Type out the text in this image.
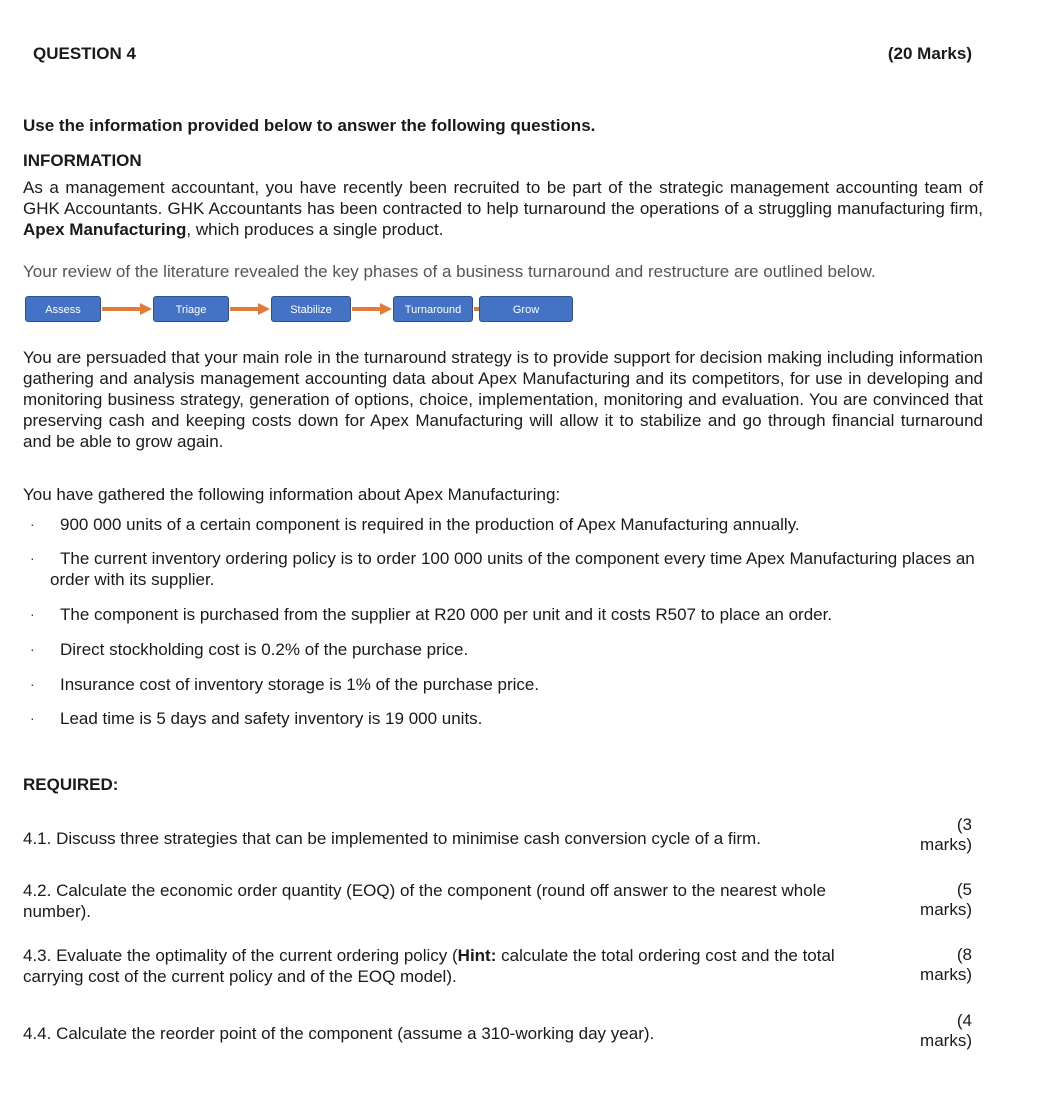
QUESTION 4	(20 Marks)
Use the information provided below to answer the following questions.
INFORMATION
As a management accountant, you have recently been recruited to be part of the strategic management accounting team of GHK Accountants. GHK Accountants has been contracted to help turnaround the operations of a struggling manufacturing firm, Apex Manufacturing, which produces a single product.
Your review of the literature revealed the key phases of a business turnaround and restructure are outlined below.
Assess	Triage	Stabilize	Turnaround	Grow
You are persuaded that your main role in the turnaround strategy is to provide support for decision making including information gathering and analysis management accounting data about Apex Manufacturing and its competitors, for use in developing and monitoring business strategy, generation of options, choice, implementation, monitoring and evaluation. You are convinced that preserving cash and keeping costs down for Apex Manufacturing will allow it to stabilize and go through financial turnaround and be able to grow again.
You have gathered the following information about Apex Manufacturing:
· 900 000 units of a certain component is required in the production of Apex Manufacturing annually.
·	The current inventory ordering policy is to order 100 000 units of the component every time Apex Manufacturing places an order with its supplier.
· The component is purchased from the supplier at R20 000 per unit and it costs R507 to place an order.
· Direct stockholding cost is 0.2% of the purchase price.
· Insurance cost of inventory storage is 1% of the purchase price.
· Lead time is 5 days and safety inventory is 19 000 units.
REQUIRED:
4.1. Discuss three strategies that can be implemented to minimise cash conversion cycle of a firm.
(3
marks)
4.2. Calculate the economic order quantity (EOQ) of the component (round off answer to the nearest whole number).
(5
marks)
4.3. Evaluate the optimality of the current ordering policy (Hint: calculate the total ordering cost and the total carrying cost of the current policy and of the EOQ model).
(8
marks)
4.4. Calculate the reorder point of the component (assume a 310-working day year).
(4
marks)
